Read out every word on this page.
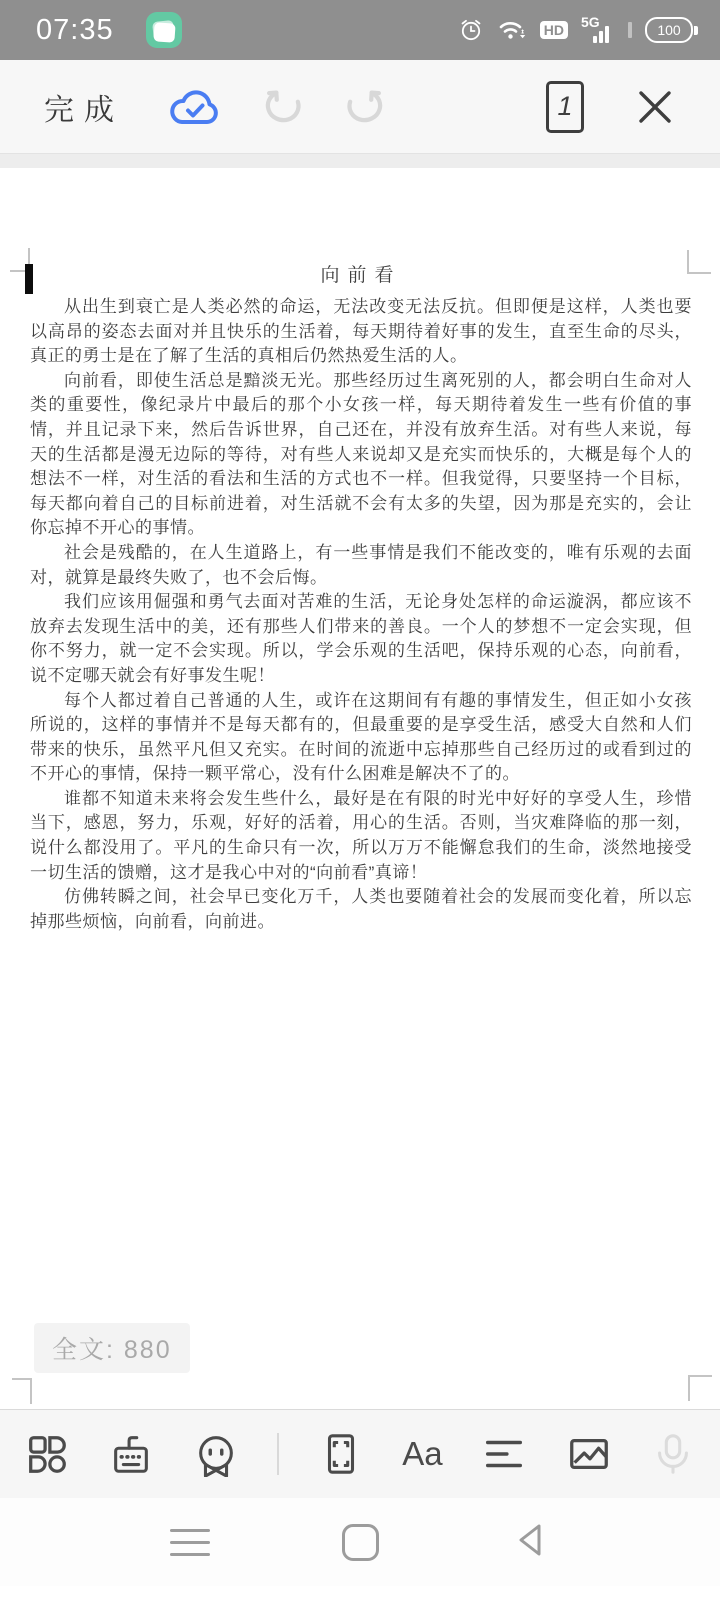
07:35	HD 5G	100
完成	1
向前看

从出生到衰亡是人类必然的命运，无法改变无法反抗。但即便是这样，人类也要以高昂的姿态去面对并且快乐的生活着，每天期待着好事的发生，直至生命的尽头，真正的勇士是在了解了生活的真相后仍然热爱生活的人。

向前看，即使生活总是黯淡无光。那些经历过生离死别的人，都会明白生命对人类的重要性，像纪录片中最后的那个小女孩一样，每天期待着发生一些有价值的事情，并且记录下来，然后告诉世界，自己还在，并没有放弃生活。对有些人来说，每天的生活都是漫无边际的等待，对有些人来说却又是充实而快乐的，大概是每个人的想法不一样，对生活的看法和生活的方式也不一样。但我觉得，只要坚持一个目标，每天都向着自己的目标前进着，对生活就不会有太多的失望，因为那是充实的，会让你忘掉不开心的事情。

社会是残酷的，在人生道路上，有一些事情是我们不能改变的，唯有乐观的去面对，就算是最终失败了，也不会后悔。

我们应该用倔强和勇气去面对苦难的生活，无论身处怎样的命运漩涡，都应该不放弃去发现生活中的美，还有那些人们带来的善良。一个人的梦想不一定会实现，但你不努力，就一定不会实现。所以，学会乐观的生活吧，保持乐观的心态，向前看，说不定哪天就会有好事发生呢！

每个人都过着自己普通的人生，或许在这期间有有趣的事情发生，但正如小女孩所说的，这样的事情并不是每天都有的，但最重要的是享受生活，感受大自然和人们带来的快乐，虽然平凡但又充实。在时间的流逝中忘掉那些自己经历过的或看到过的不开心的事情，保持一颗平常心，没有什么困难是解决不了的。

谁都不知道未来将会发生些什么，最好是在有限的时光中好好的享受人生，珍惜当下，感恩，努力，乐观，好好的活着，用心的生活。否则，当灾难降临的那一刻，说什么都没用了。平凡的生命只有一次，所以万万不能懈怠我们的生命，淡然地接受一切生活的馈赠，这才是我心中对的“向前看”真谛！

仿佛转瞬之间，社会早已变化万千，人类也要随着社会的发展而变化着，所以忘掉那些烦恼，向前看，向前进。

全文: 880
Aa
